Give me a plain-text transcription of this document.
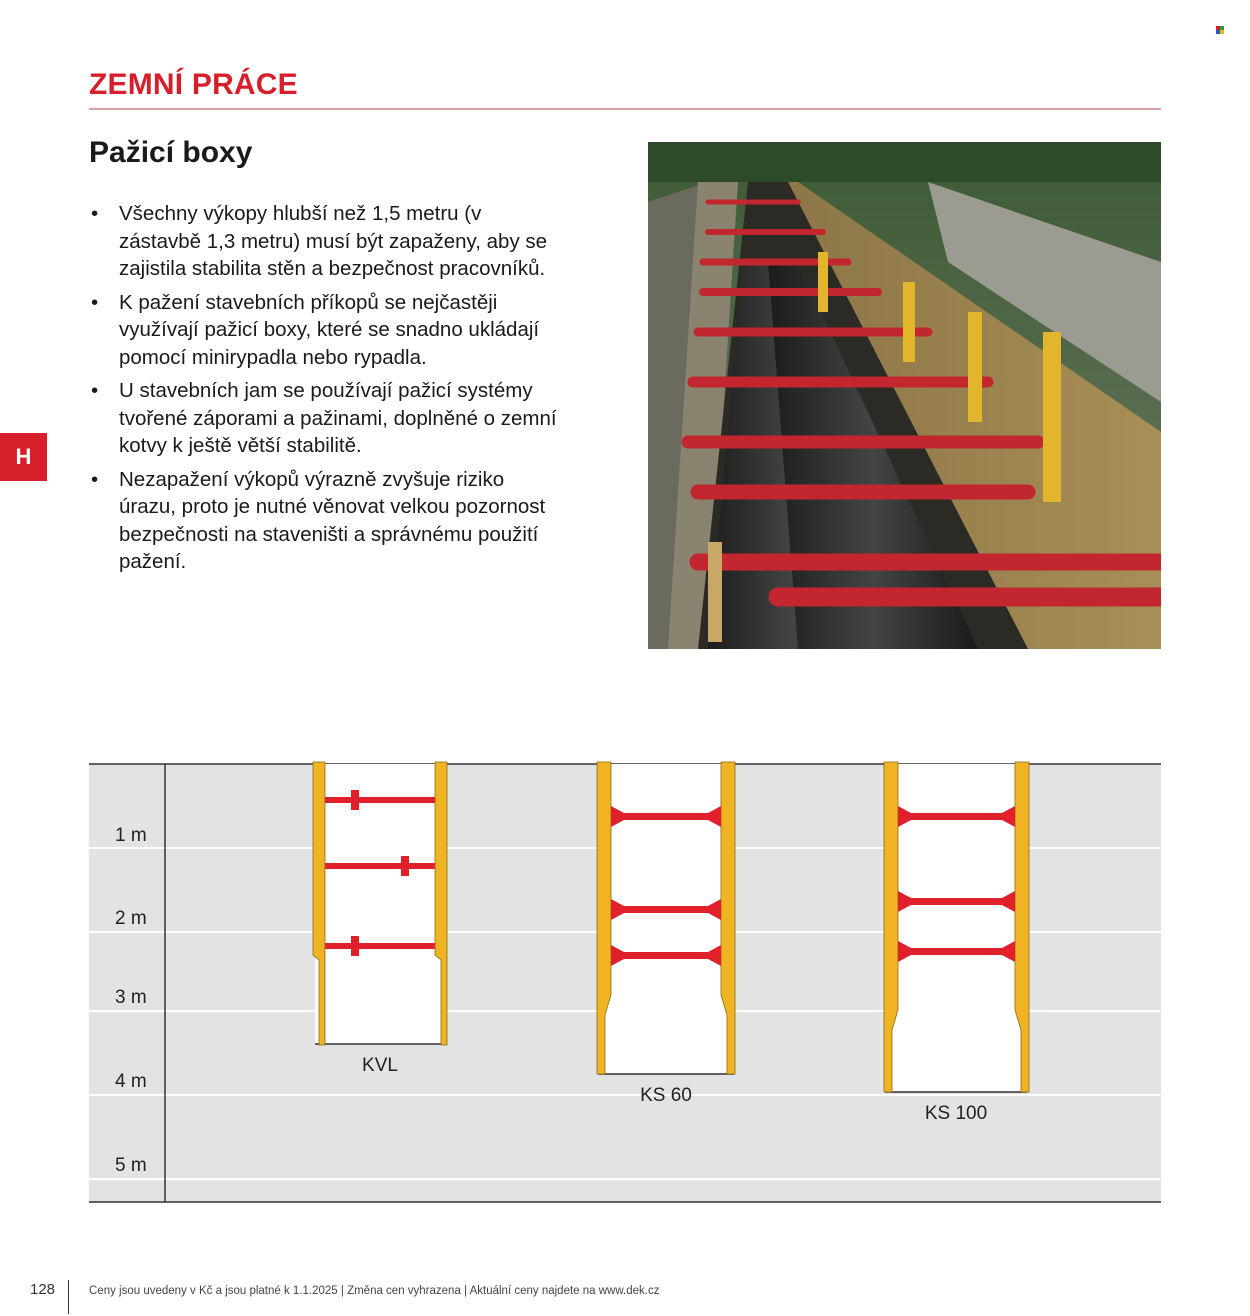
ZEMNÍ PRÁCE
Pažicí boxy
• Všechny výkopy hlubší než 1,5 metru (v zástavbě 1,3 metru) musí být zapaženy, aby se zajistila stabilita stěn a bezpečnost pracovníků.
• K pažení stavebních příkopů se nejčastěji využívají pažicí boxy, které se snadno ukládají pomocí minirypadla nebo rypadla.
• U stavebních jam se používají pažicí systémy tvořené záporami a pažinami, doplněné o zemní kotvy k ještě větší stabilitě.
• Nezapažení výkopů výrazně zvyšuje riziko úrazu, proto je nutné věnovat velkou pozornost bezpečnosti na staveništi a správnému použití pažení.
H
1 m
2 m
3 m
4 m
5 m
KVL
KS 60
KS 100
128	Ceny jsou uvedeny v Kč a jsou platné k 1.1.2025 | Změna cen vyhrazena | Aktuální ceny najdete na www.dek.cz
